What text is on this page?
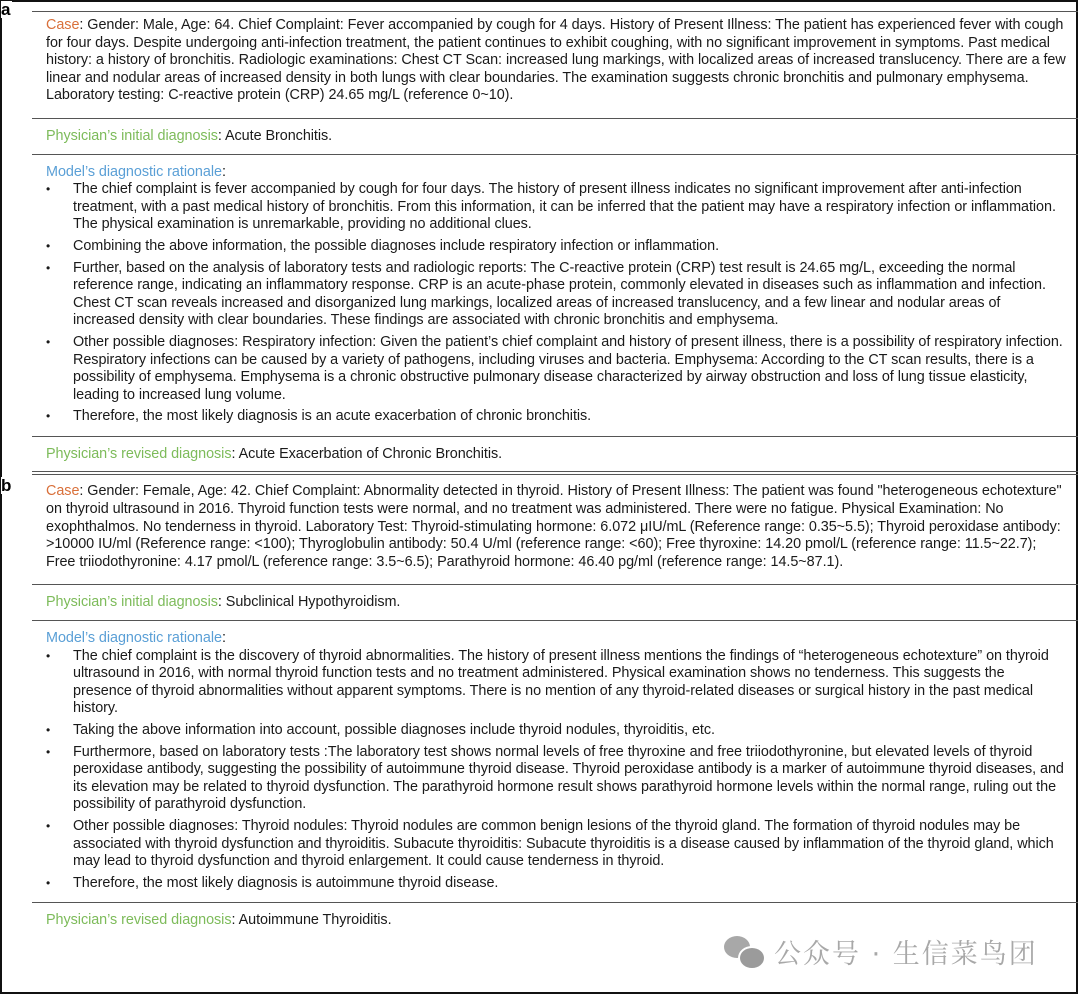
a
b
Case: Gender: Male, Age: 64. Chief Complaint: Fever accompanied by cough for 4 days. History of Present Illness: The patient has experienced fever with cough for four days. Despite undergoing anti-infection treatment, the patient continues to exhibit coughing, with no significant improvement in symptoms. Past medical history: a history of bronchitis. Radiologic examinations: Chest CT Scan: increased lung markings, with localized areas of increased translucency. There are a few linear and nodular areas of increased density in both lungs with clear boundaries. The examination suggests chronic bronchitis and pulmonary emphysema. Laboratory testing: C-reactive protein (CRP) 24.65 mg/L (reference 0~10).
Physician’s initial diagnosis: Acute Bronchitis.
Model’s diagnostic rationale:
• The chief complaint is fever accompanied by cough for four days. The history of present illness indicates no significant improvement after anti-infection treatment, with a past medical history of bronchitis. From this information, it can be inferred that the patient may have a respiratory infection or inflammation. The physical examination is unremarkable, providing no additional clues.
• Combining the above information, the possible diagnoses include respiratory infection or inflammation.
• Further, based on the analysis of laboratory tests and radiologic reports: The C-reactive protein (CRP) test result is 24.65 mg/L, exceeding the normal reference range, indicating an inflammatory response. CRP is an acute-phase protein, commonly elevated in diseases such as inflammation and infection. Chest CT scan reveals increased and disorganized lung markings, localized areas of increased translucency, and a few linear and nodular areas of increased density with clear boundaries. These findings are associated with chronic bronchitis and emphysema.
• Other possible diagnoses: Respiratory infection: Given the patient’s chief complaint and history of present illness, there is a possibility of respiratory infection. Respiratory infections can be caused by a variety of pathogens, including viruses and bacteria. Emphysema: According to the CT scan results, there is a possibility of emphysema. Emphysema is a chronic obstructive pulmonary disease characterized by airway obstruction and loss of lung tissue elasticity, leading to increased lung volume.
• Therefore, the most likely diagnosis is an acute exacerbation of chronic bronchitis.
Physician’s revised diagnosis: Acute Exacerbation of Chronic Bronchitis.
Case: Gender: Female, Age: 42. Chief Complaint: Abnormality detected in thyroid. History of Present Illness: The patient was found "heterogeneous echotexture" on thyroid ultrasound in 2016. Thyroid function tests were normal, and no treatment was administered. There were no fatigue. Physical Examination: No exophthalmos. No tenderness in thyroid. Laboratory Test: Thyroid-stimulating hormone: 6.072 μIU/mL (Reference range: 0.35~5.5); Thyroid peroxidase antibody: >10000 IU/ml (Reference range: <100); Thyroglobulin antibody: 50.4 U/ml (reference range: <60); Free thyroxine: 14.20 pmol/L (reference range: 11.5~22.7); Free triiodothyronine: 4.17 pmol/L (reference range: 3.5~6.5); Parathyroid hormone: 46.40 pg/ml (reference range: 14.5~87.1).
Physician’s initial diagnosis: Subclinical Hypothyroidism.
Model’s diagnostic rationale:
• The chief complaint is the discovery of thyroid abnormalities. The history of present illness mentions the findings of “heterogeneous echotexture” on thyroid ultrasound in 2016, with normal thyroid function tests and no treatment administered. Physical examination shows no tenderness. This suggests the presence of thyroid abnormalities without apparent symptoms. There is no mention of any thyroid-related diseases or surgical history in the past medical history.
• Taking the above information into account, possible diagnoses include thyroid nodules, thyroiditis, etc.
• Furthermore, based on laboratory tests :The laboratory test shows normal levels of free thyroxine and free triiodothyronine, but elevated levels of thyroid peroxidase antibody, suggesting the possibility of autoimmune thyroid disease. Thyroid peroxidase antibody is a marker of autoimmune thyroid diseases, and its elevation may be related to thyroid dysfunction. The parathyroid hormone result shows parathyroid hormone levels within the normal range, ruling out the possibility of parathyroid dysfunction.
• Other possible diagnoses: Thyroid nodules: Thyroid nodules are common benign lesions of the thyroid gland. The formation of thyroid nodules may be associated with thyroid dysfunction and thyroiditis. Subacute thyroiditis: Subacute thyroiditis is a disease caused by inflammation of the thyroid gland, which may lead to thyroid dysfunction and thyroid enlargement. It could cause tenderness in thyroid.
• Therefore, the most likely diagnosis is autoimmune thyroid disease.
Physician’s revised diagnosis: Autoimmune Thyroiditis.
公众号 · 生信菜鸟团
